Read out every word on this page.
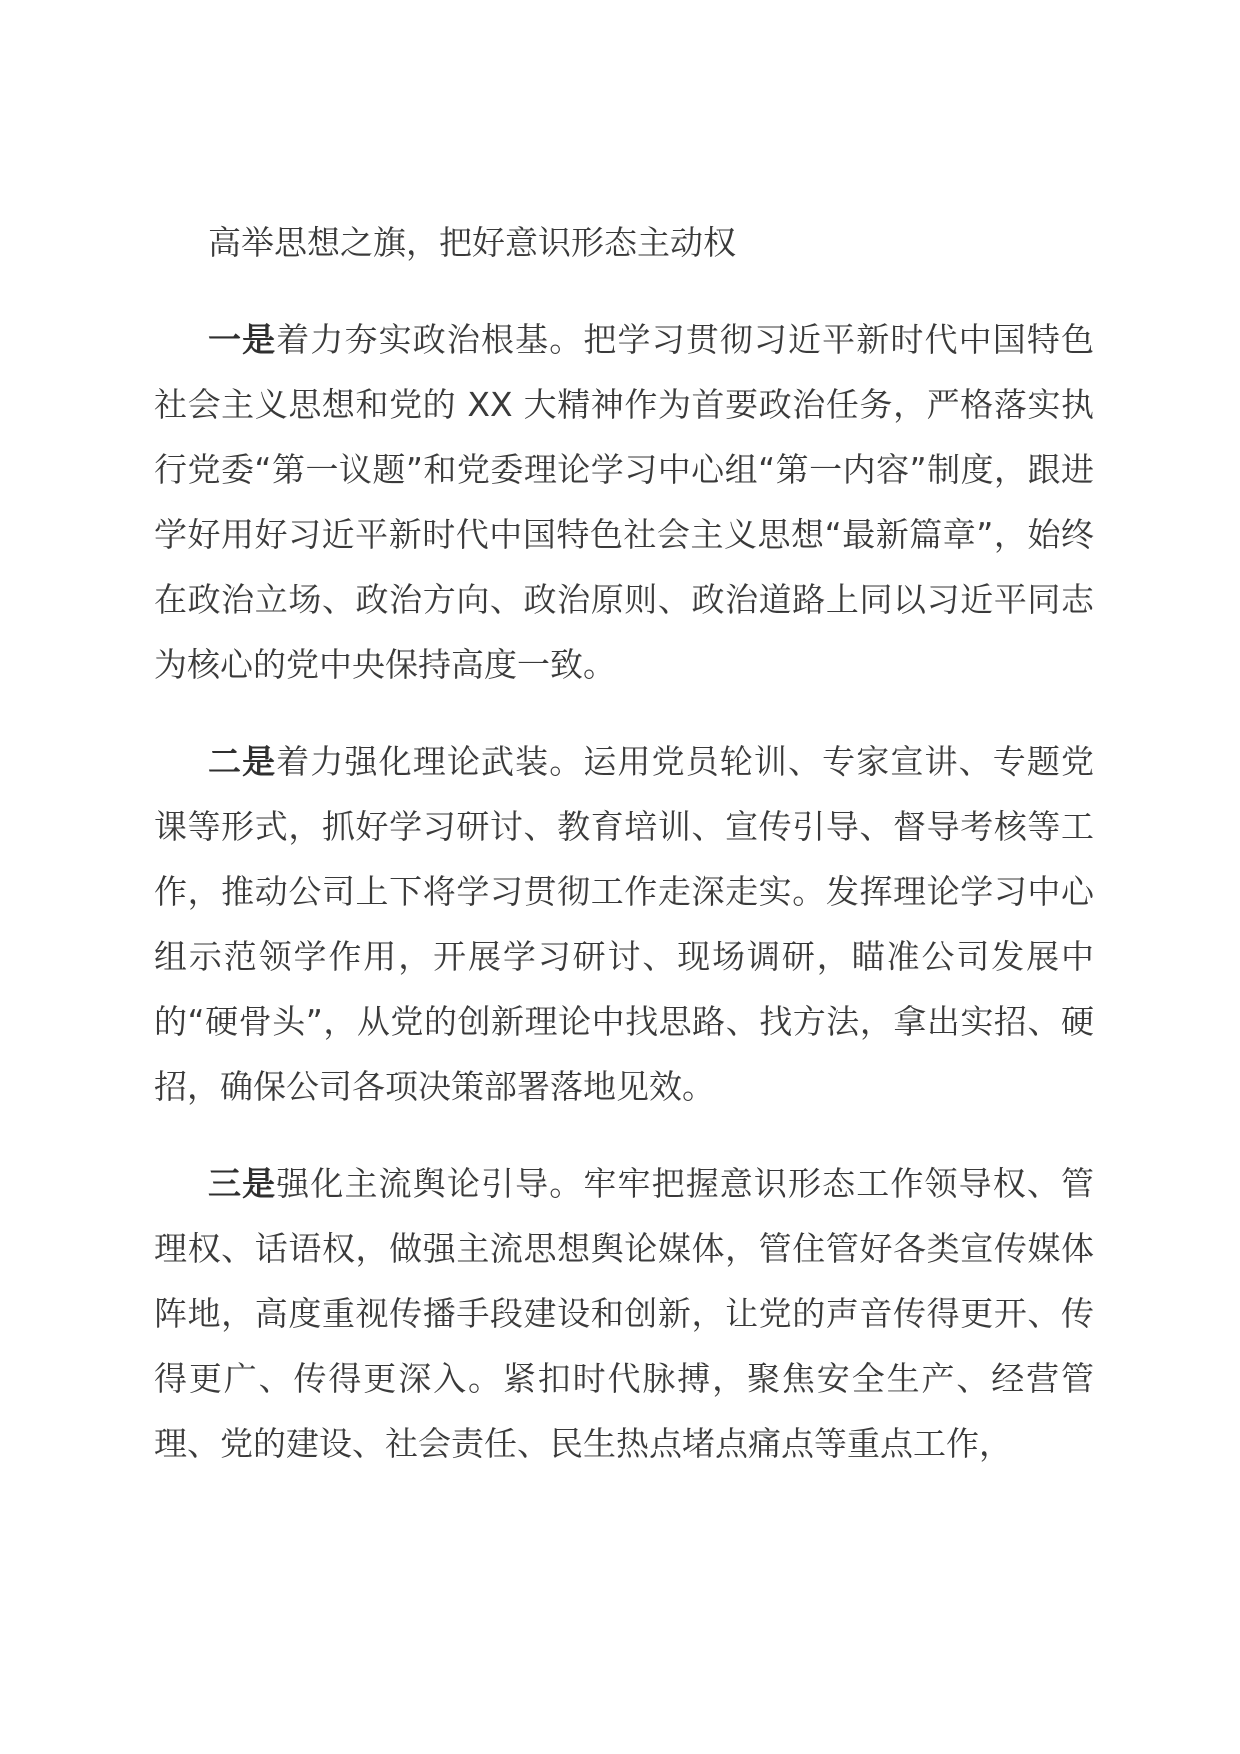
高举思想之旗，把好意识形态主动权

一是着力夯实政治根基。把学习贯彻习近平新时代中国特色社会主义思想和党的 XX 大精神作为首要政治任务，严格落实执行党委“第一议题”和党委理论学习中心组“第一内容”制度，跟进学好用好习近平新时代中国特色社会主义思想“最新篇章”，始终在政治立场、政治方向、政治原则、政治道路上同以习近平同志为核心的党中央保持高度一致。

二是着力强化理论武装。运用党员轮训、专家宣讲、专题党课等形式，抓好学习研讨、教育培训、宣传引导、督导考核等工作，推动公司上下将学习贯彻工作走深走实。发挥理论学习中心组示范领学作用，开展学习研讨、现场调研，瞄准公司发展中的“硬骨头”，从党的创新理论中找思路、找方法，拿出实招、硬招，确保公司各项决策部署落地见效。

三是强化主流舆论引导。牢牢把握意识形态工作领导权、管理权、话语权，做强主流思想舆论媒体，管住管好各类宣传媒体阵地，高度重视传播手段建设和创新，让党的声音传得更开、传得更广、传得更深入。紧扣时代脉搏，聚焦安全生产、经营管理、党的建设、社会责任、民生热点堵点痛点等重点工作，
